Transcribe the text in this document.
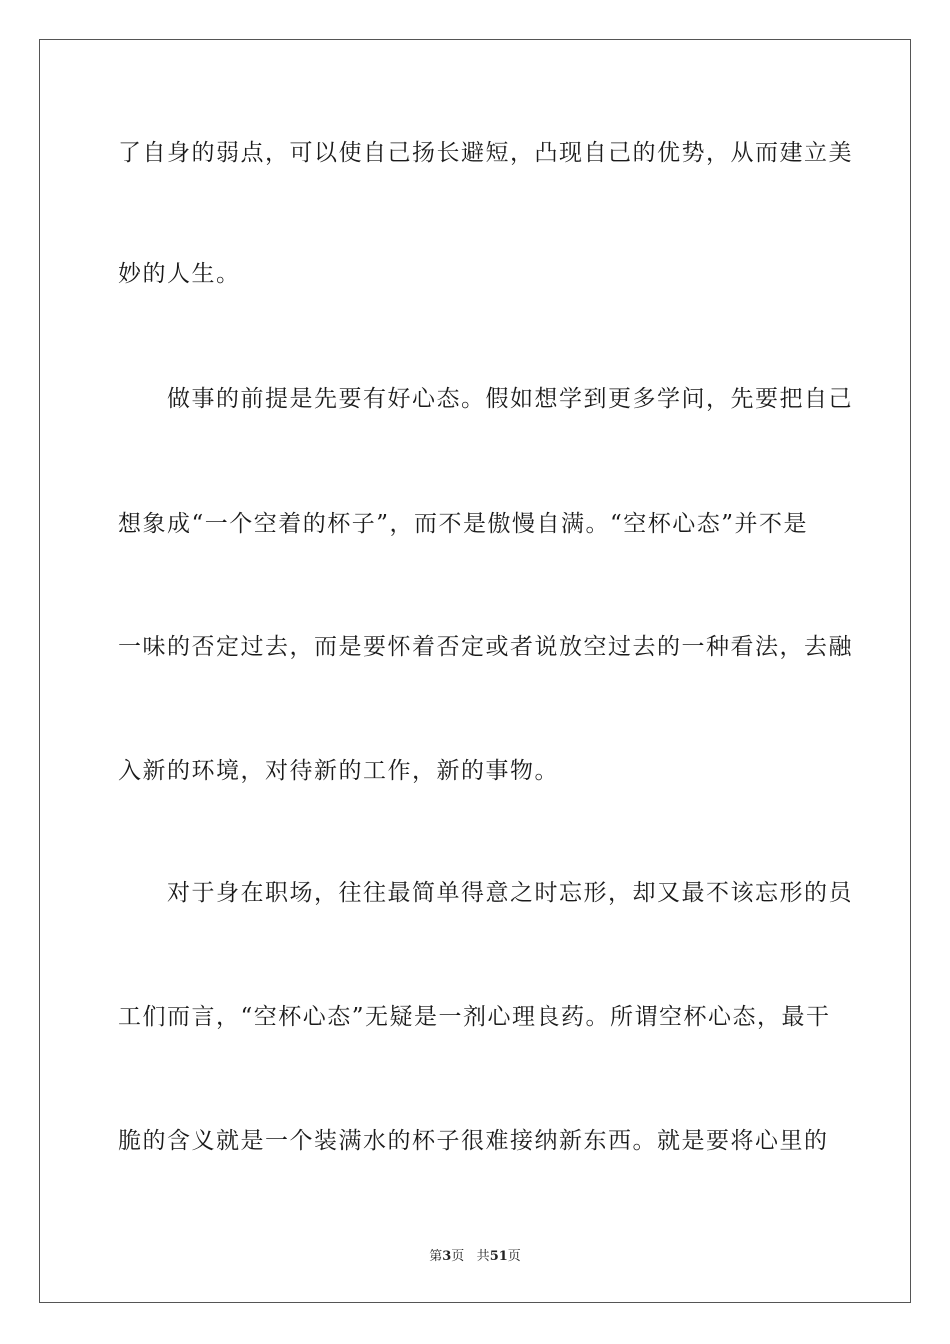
了自身的弱点，可以使自己扬长避短，凸现自己的优势，从而建立美
妙的人生。
　　做事的前提是先要有好心态。假如想学到更多学问，先要把自己
想象成“一个空着的杯子”，而不是傲慢自满。“空杯心态”并不是
一味的否定过去，而是要怀着否定或者说放空过去的一种看法，去融
入新的环境，对待新的工作，新的事物。
　　对于身在职场，往往最简单得意之时忘形，却又最不该忘形的员
工们而言，“空杯心态”无疑是一剂心理良药。所谓空杯心态，最干
脆的含义就是一个装满水的杯子很难接纳新东西。就是要将心里的
第3页 共51页
